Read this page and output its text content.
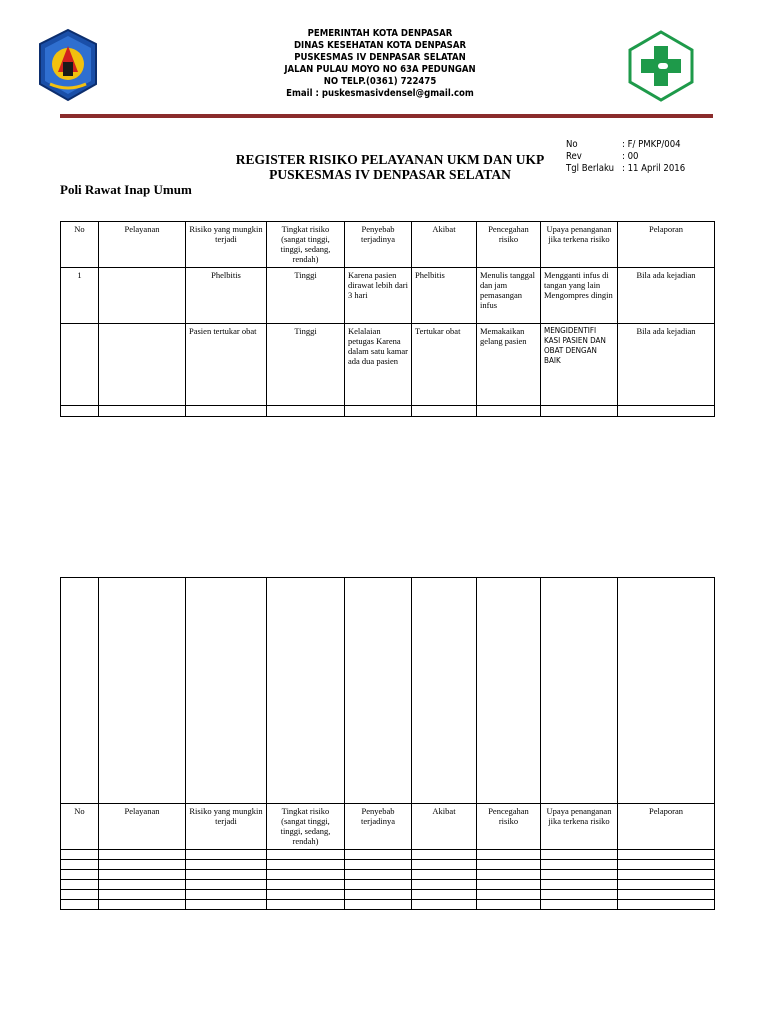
PEMERINTAH KOTA DENPASAR
DINAS KESEHATAN KOTA DENPASAR
PUSKESMAS IV DENPASAR SELATAN
JALAN PULAU MOYO NO 63A PEDUNGAN
NO TELP.(0361) 722475
Email : puskesmasivdensel@gmail.com
No	: F/ PMKP/004
Rev	: 00
Tgl Berlaku : 11 April 2016
REGISTER RISIKO PELAYANAN UKM DAN UKP
PUSKESMAS IV DENPASAR SELATAN
Poli Rawat Inap Umum
No	Pelayanan	Risiko yang mungkin terjadi	Tingkat risiko (sangat tinggi, tinggi, sedang, rendah)	Penyebab terjadinya	Akibat	Pencegahan risiko	Upaya penanganan jika terkena risiko	Pelaporan
1		Phelbitis	Tinggi	Karena pasien dirawat lebih dari 3 hari	Phelbitis	Menulis tanggal dan jam pemasangan infus	Mengganti infus di tangan yang lain Mengompres dingin	Bila ada kejadian
		Pasien tertukar obat	Tinggi	Kelalaian petugas Karena dalam satu kamar ada dua pasien	Tertukar obat	Memakaikan gelang pasien	MENGIDENTIFI KASI PASIEN DAN OBAT DENGAN BAIK	Bila ada kejadian

No	Pelayanan	Risiko yang mungkin terjadi	Tingkat risiko (sangat tinggi, tinggi, sedang, rendah)	Penyebab terjadinya	Akibat	Pencegahan risiko	Upaya penanganan jika terkena risiko	Pelaporan
